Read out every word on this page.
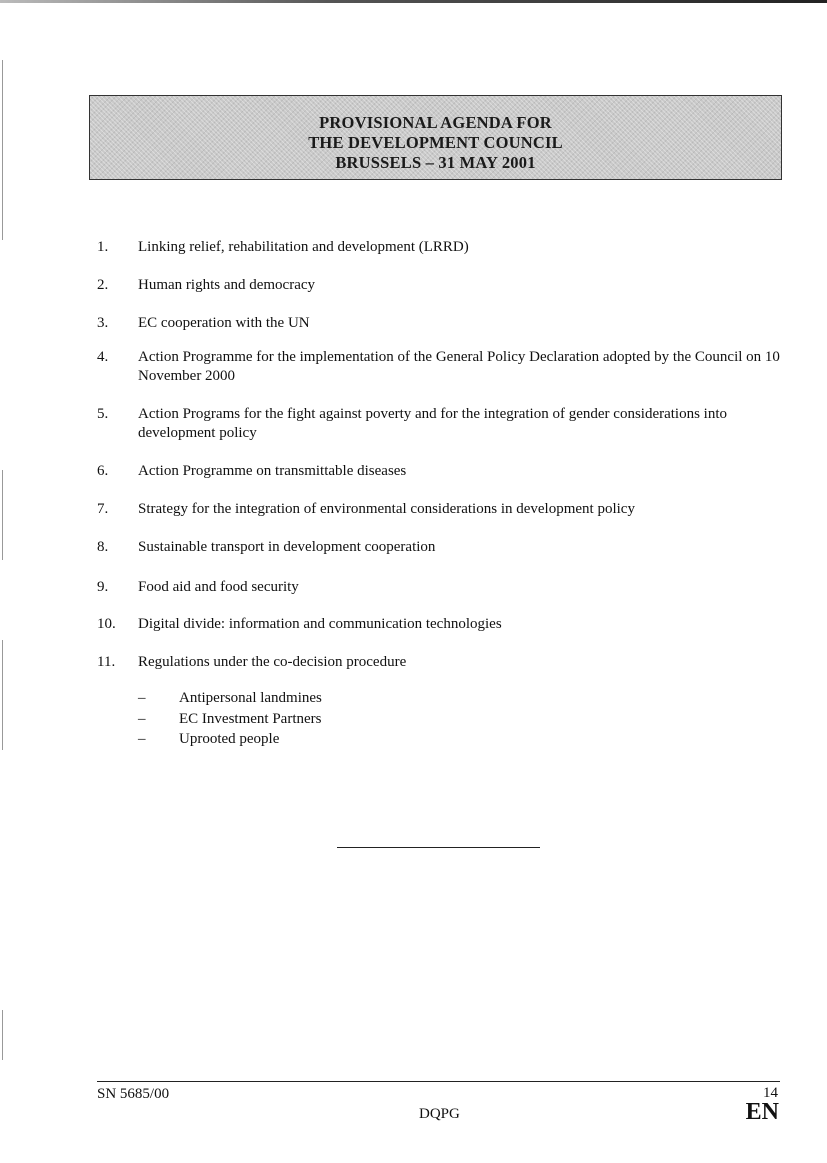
PROVISIONAL AGENDA FOR
THE DEVELOPMENT COUNCIL
BRUSSELS – 31 MAY 2001
1. Linking relief, rehabilitation and development (LRRD)
2. Human rights and democracy
3. EC cooperation with the UN
4. Action Programme for the implementation of the General Policy Declaration adopted by the Council on 10 November 2000
5. Action Programs for the fight against poverty and for the integration of gender considerations into development policy
6. Action Programme on transmittable diseases
7. Strategy for the integration of environmental considerations in development policy
8. Sustainable transport in development cooperation
9. Food aid and food security
10. Digital divide: information and communication technologies
11. Regulations under the co-decision procedure
– Antipersonal landmines
– EC Investment Partners
– Uprooted people
SN 5685/00	14
DQPG	EN
